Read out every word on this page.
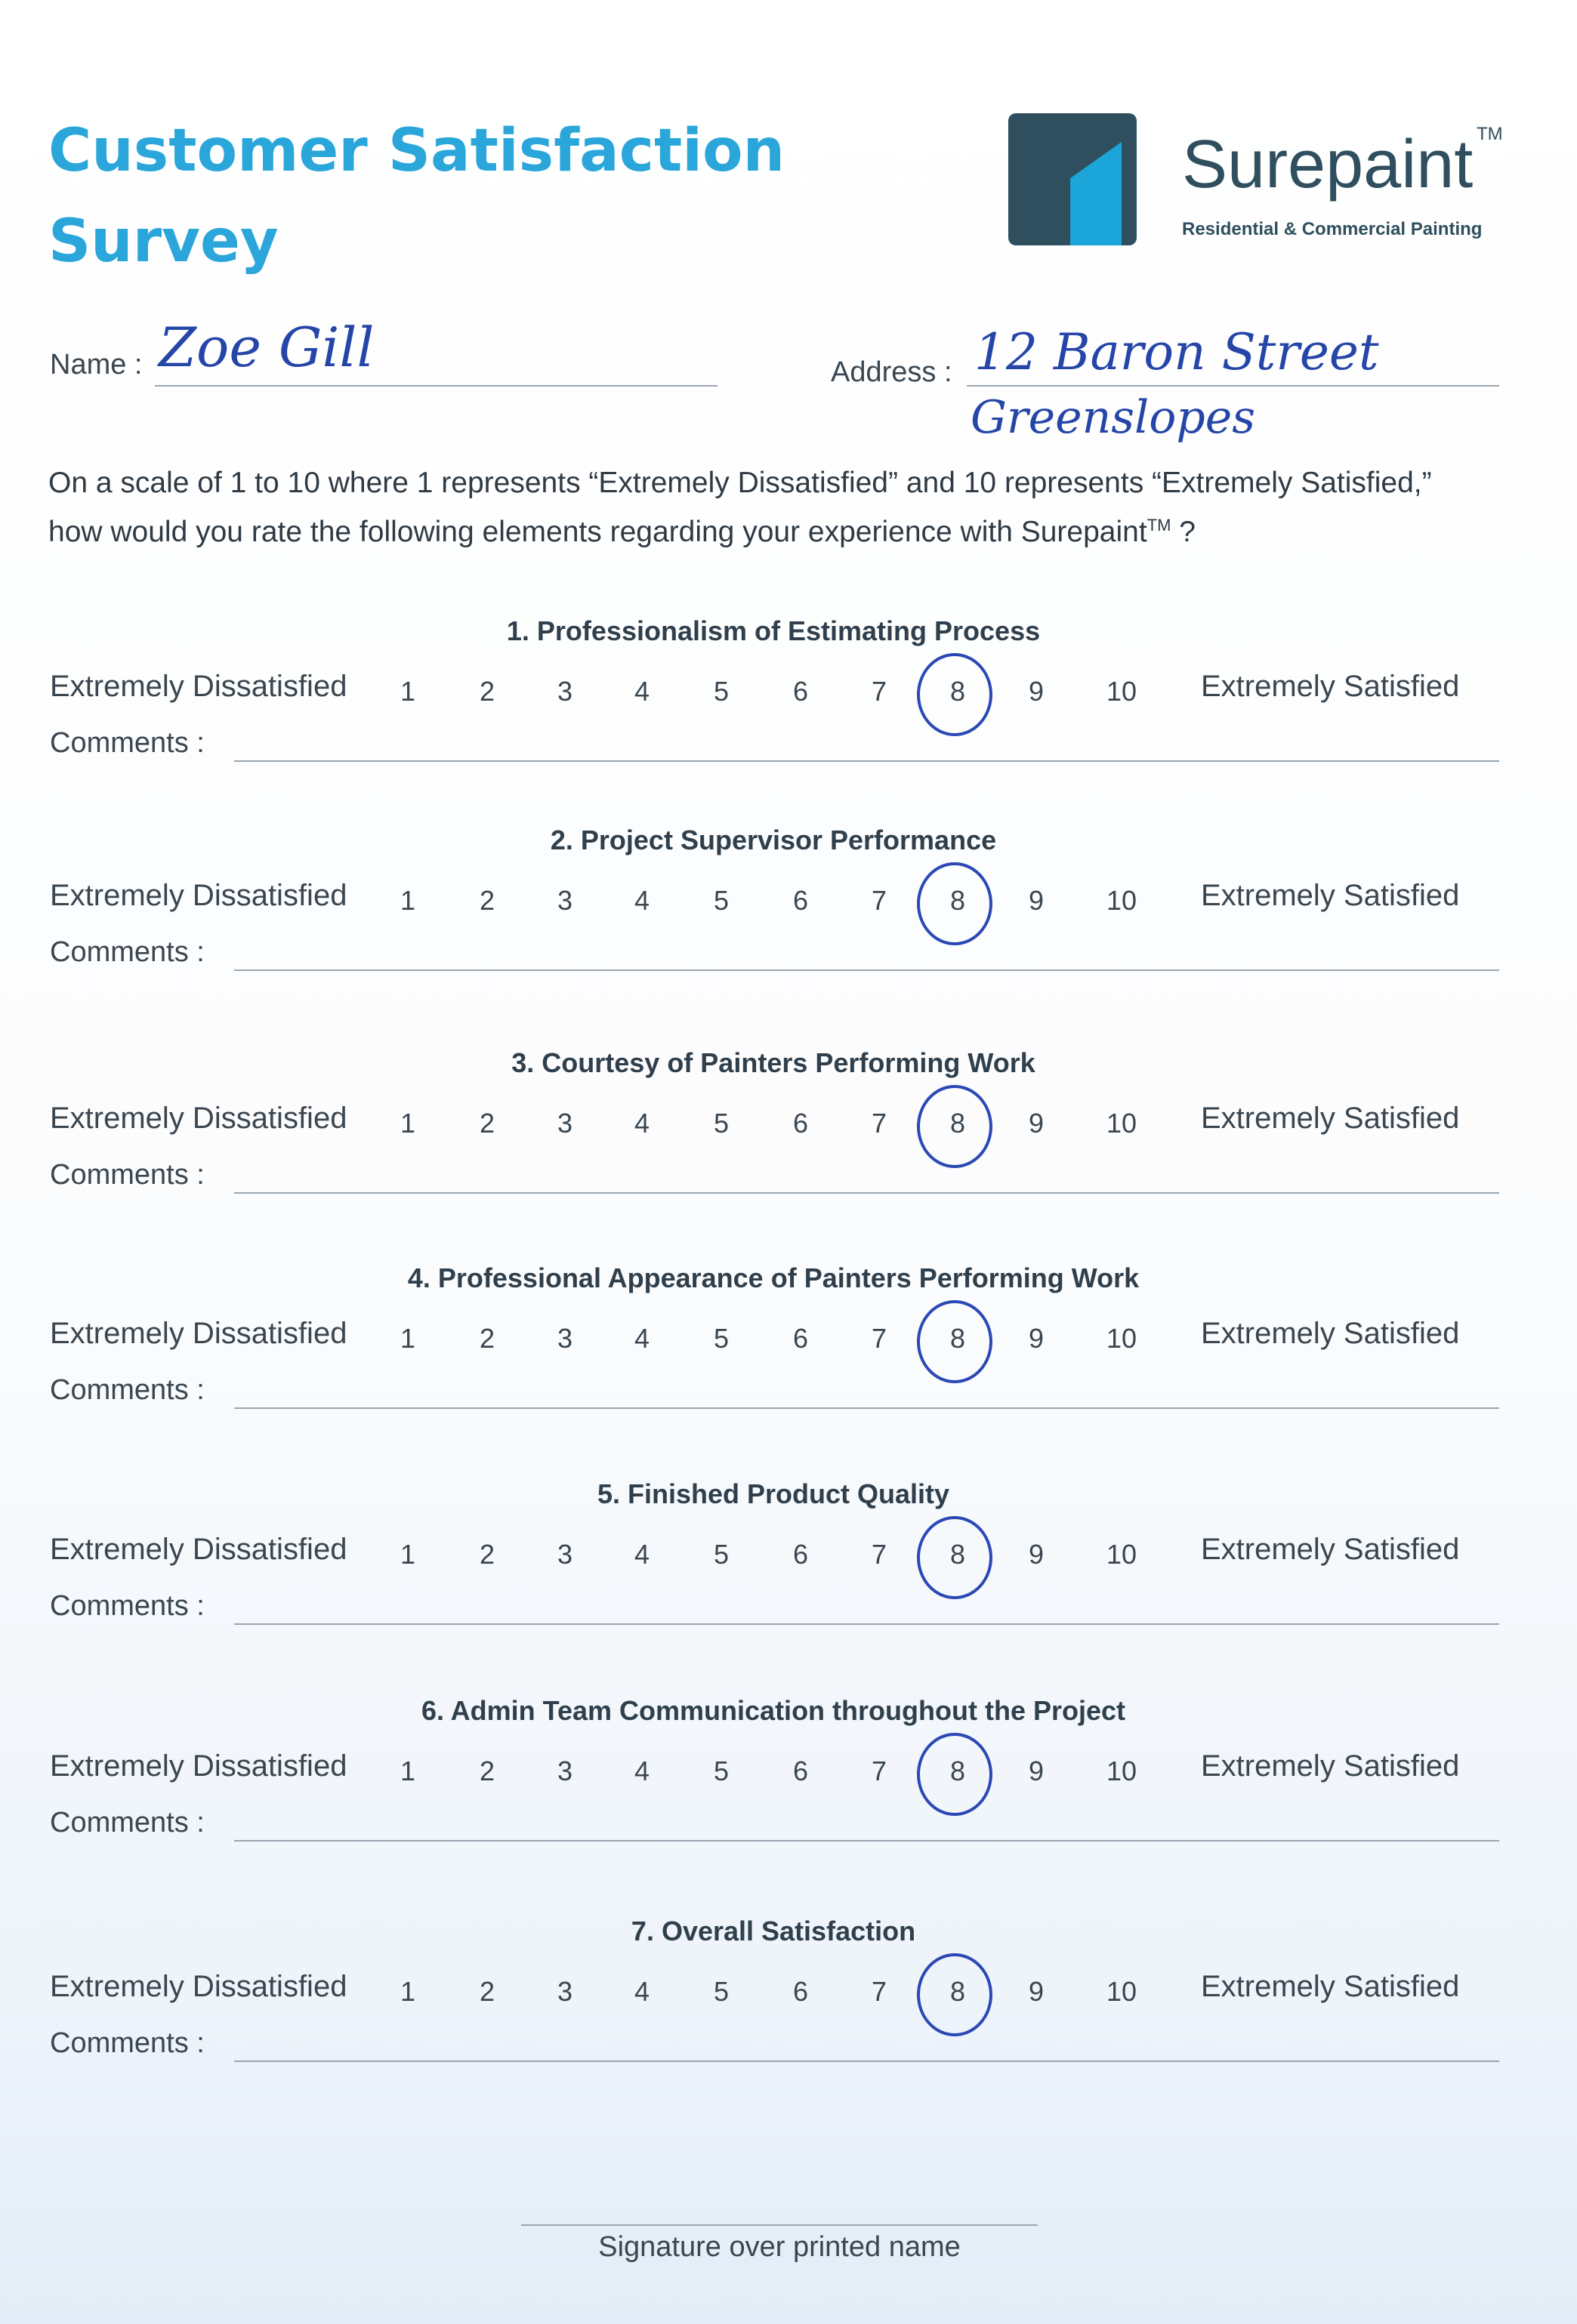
Customer Satisfaction
Survey
Surepaint TM
Residential & Commercial Painting
Name : Zoe Gill	Address : 12 Baron Street
Greenslopes
On a scale of 1 to 10 where 1 represents “Extremely Dissatisfied” and 10 represents “Extremely Satisfied,”
how would you rate the following elements regarding your experience with Surepaint™ ?
1. Professionalism of Estimating Process
Extremely Dissatisfied	Extremely Satisfied
1	2	3	4	5	6	7	8	9	10
Comments :
2. Project Supervisor Performance
Extremely Dissatisfied	Extremely Satisfied
1	2	3	4	5	6	7	8	9	10
Comments :
3. Courtesy of Painters Performing Work
Extremely Dissatisfied	Extremely Satisfied
1	2	3	4	5	6	7	8	9	10
Comments :
4. Professional Appearance of Painters Performing Work
Extremely Dissatisfied	Extremely Satisfied
1	2	3	4	5	6	7	8	9	10
Comments :
5. Finished Product Quality
Extremely Dissatisfied	Extremely Satisfied
1	2	3	4	5	6	7	8	9	10
Comments :
6. Admin Team Communication throughout the Project
Extremely Dissatisfied	Extremely Satisfied
1	2	3	4	5	6	7	8	9	10
Comments :
7. Overall Satisfaction
Extremely Dissatisfied	Extremely Satisfied
1	2	3	4	5	6	7	8	9	10
Comments :
Signature over printed name
